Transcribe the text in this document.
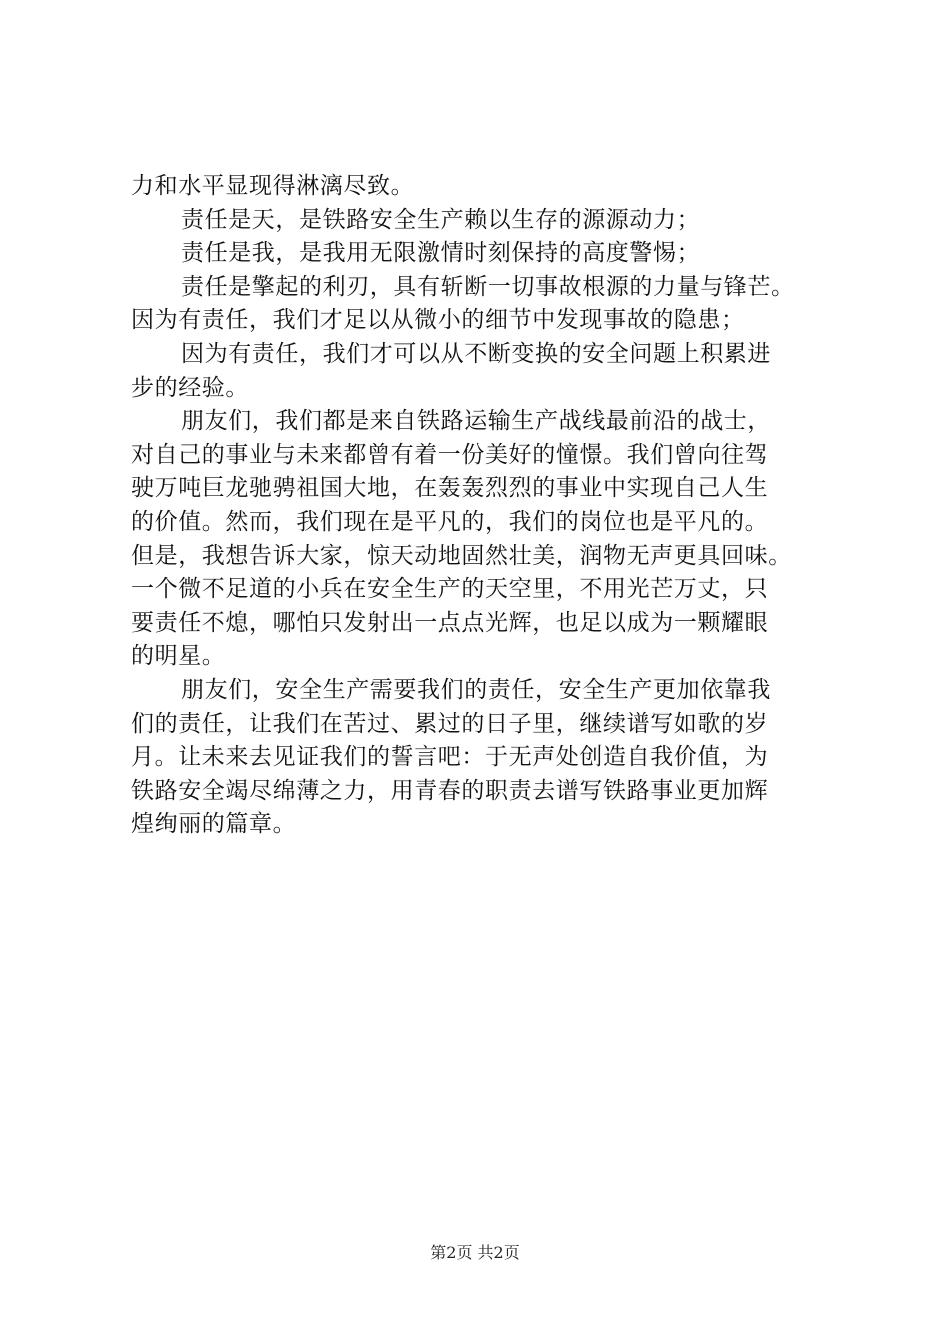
力和水平显现得淋漓尽致。
责任是天，是铁路安全生产赖以生存的源源动力；
责任是我，是我用无限激情时刻保持的高度警惕；
责任是擎起的利刃，具有斩断一切事故根源的力量与锋芒。
因为有责任，我们才足以从微小的细节中发现事故的隐患；
因为有责任，我们才可以从不断变换的安全问题上积累进
步的经验。
朋友们，我们都是来自铁路运输生产战线最前沿的战士，
对自己的事业与未来都曾有着一份美好的憧憬。我们曾向往驾
驶万吨巨龙驰骋祖国大地，在轰轰烈烈的事业中实现自己人生
的价值。然而，我们现在是平凡的，我们的岗位也是平凡的。
但是，我想告诉大家，惊天动地固然壮美，润物无声更具回味。
一个微不足道的小兵在安全生产的天空里，不用光芒万丈，只
要责任不熄，哪怕只发射出一点点光辉，也足以成为一颗耀眼
的明星。
朋友们，安全生产需要我们的责任，安全生产更加依靠我
们的责任，让我们在苦过、累过的日子里，继续谱写如歌的岁
月。让未来去见证我们的誓言吧：于无声处创造自我价值，为
铁路安全竭尽绵薄之力，用青春的职责去谱写铁路事业更加辉
煌绚丽的篇章。
第2页 共2页
